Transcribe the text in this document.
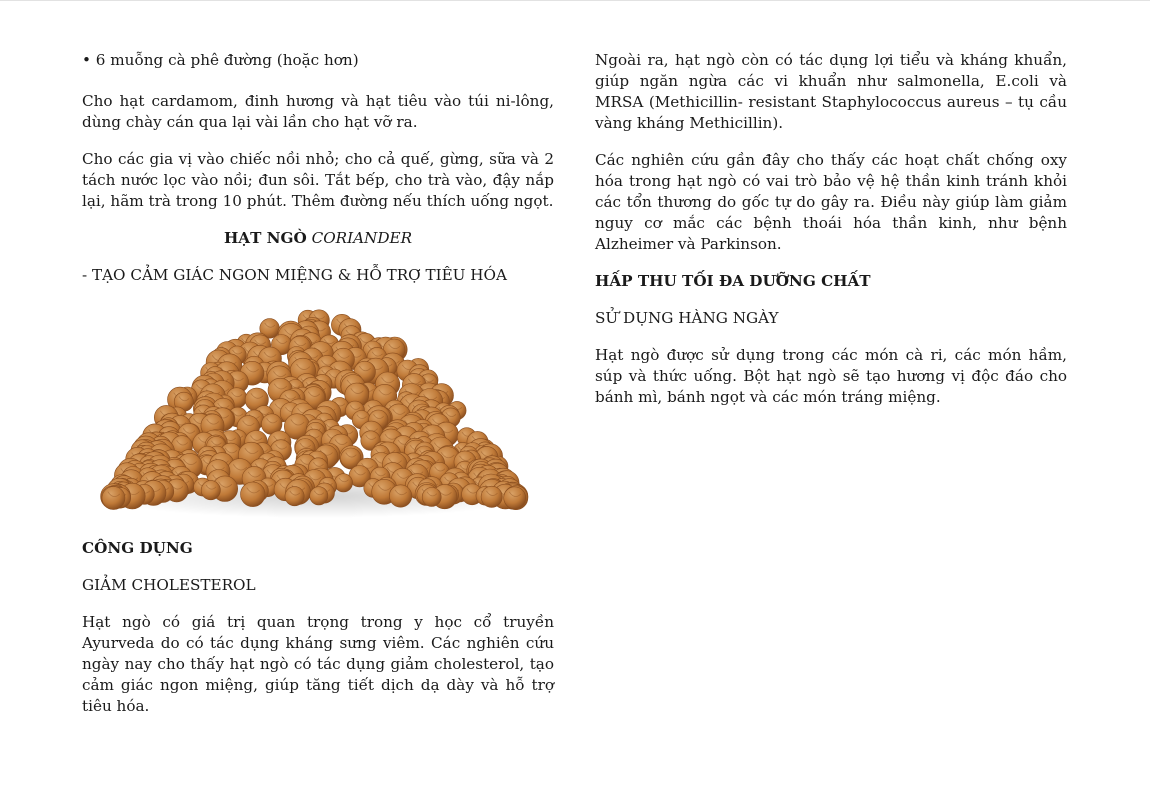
• 6 muỗng cà phê đường (hoặc hơn)

Cho hạt cardamom, đinh hương và hạt tiêu vào túi ni-lông, dùng chày cán qua lại vài lần cho hạt vỡ ra.

Cho các gia vị vào chiếc nồi nhỏ; cho cả quế, gừng, sữa và 2 tách nước lọc vào nồi; đun sôi. Tắt bếp, cho trà vào, đậy nắp lại, hãm trà trong 10 phút. Thêm đường nếu thích uống ngọt.

HẠT NGÒ CORIANDER

- TẠO CẢM GIÁC NGON MIỆNG & HỖ TRỢ TIÊU HÓA

CÔNG DỤNG

GIẢM CHOLESTEROL

Hạt ngò có giá trị quan trọng trong y học cổ truyền Ayurveda do có tác dụng kháng sưng viêm. Các nghiên cứu ngày nay cho thấy hạt ngò có tác dụng giảm cholesterol, tạo cảm giác ngon miệng, giúp tăng tiết dịch dạ dày và hỗ trợ tiêu hóa.

Ngoài ra, hạt ngò còn có tác dụng lợi tiểu và kháng khuẩn, giúp ngăn ngừa các vi khuẩn như salmonella, E.coli và MRSA (Methicillin- resistant Staphylococcus aureus – tụ cầu vàng kháng Methicillin).

Các nghiên cứu gần đây cho thấy các hoạt chất chống oxy hóa trong hạt ngò có vai trò bảo vệ hệ thần kinh tránh khỏi các tổn thương do gốc tự do gây ra. Điều này giúp làm giảm nguy cơ mắc các bệnh thoái hóa thần kinh, như bệnh Alzheimer và Parkinson.

HẤP THU TỐI ĐA DƯỠNG CHẤT

SỬ DỤNG HÀNG NGÀY

Hạt ngò được sử dụng trong các món cà ri, các món hầm, súp và thức uống. Bột hạt ngò sẽ tạo hương vị độc đáo cho bánh mì, bánh ngọt và các món tráng miệng.
